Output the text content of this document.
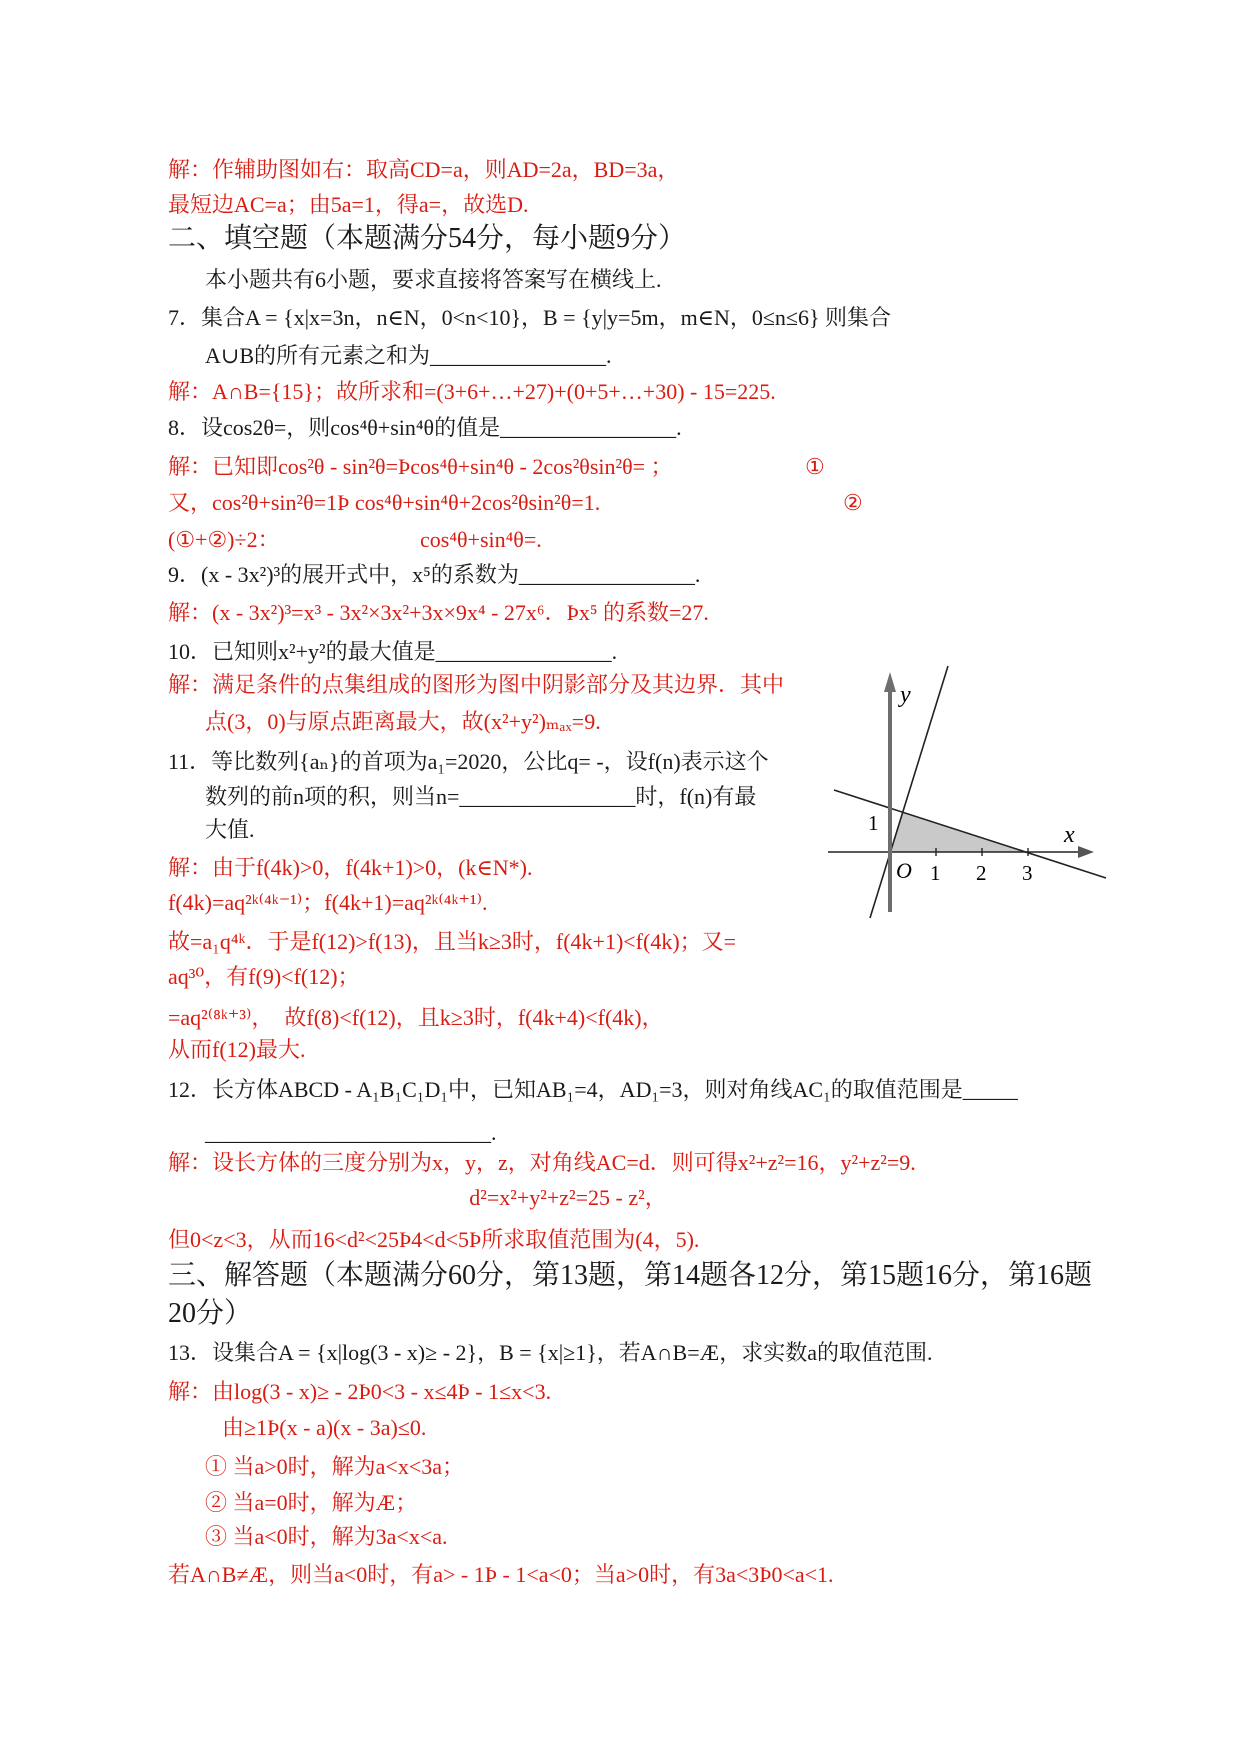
解：作辅助图如右：取高CD=a，则AD=2a，BD=3a，
最短边AC=a；由5a=1，得a=，故选D.
二、填空题（本题满分54分，每小题9分）
本小题共有6小题，要求直接将答案写在横线上.
7．集合A = {x|x=3n，n∈N，0<n<10}，B = {y|y=5m，m∈N，0≤n≤6} 则集合
A∪B的所有元素之和为________________.
解：A∩B={15}；故所求和=(3+6+…+27)+(0+5+…+30) - 15=225.
8．设cos2θ=，则cos⁴θ+sin⁴θ的值是________________.
解：已知即cos²θ - sin²θ=Þcos⁴θ+sin⁴θ - 2cos²θsin²θ= ；	①
又，cos²θ+sin²θ=1Þ cos⁴θ+sin⁴θ+2cos²θsin²θ=1.	②
(①+②)÷2：	cos⁴θ+sin⁴θ=.
9．(x - 3x²)³的展开式中，x⁵的系数为________________.
解：(x - 3x²)³=x³ - 3x²×3x²+3x×9x⁴ - 27x⁶．Þx⁵ 的系数=27.
10．已知则x²+y²的最大值是________________.
解：满足条件的点集组成的图形为图中阴影部分及其边界．其中
点(3，0)与原点距离最大，故(x²+y²)ₘₐₓ=9.
11．等比数列{aₙ}的首项为a₁=2020，公比q= -，设f(n)表示这个
数列的前n项的积，则当n=________________时，f(n)有最
大值.
解：由于f(4k)>0，f(4k+1)>0，(k∈N*).
f(4k)=aq²ᵏ⁽⁴ᵏ⁻¹⁾；f(4k+1)=aq²ᵏ⁽⁴ᵏ⁺¹⁾.
故=a₁q⁴ᵏ．于是f(12)>f(13)，且当k≥3时，f(4k+1)<f(4k)；又=
aq³⁰，有f(9)<f(12)；
=aq²⁽⁸ᵏ⁺³⁾，  故f(8)<f(12)，且k≥3时，f(4k+4)<f(4k)，
从而f(12)最大.
y
x
O
1
1 2 3
12．长方体ABCD - A₁B₁C₁D₁中，已知AB₁=4，AD₁=3，则对角线AC₁的取值范围是_____
__________________________.
解：设长方体的三度分别为x，y，z，对角线AC=d．则可得x²+z²=16，y²+z²=9.
d²=x²+y²+z²=25 - z²，
但0<z<3，从而16<d²<25Þ4<d<5Þ所求取值范围为(4，5).
三、解答题（本题满分60分，第13题，第14题各12分，第15题16分，第16题
20分）
13．设集合A = {x|log(3 - x)≥ - 2}，B = {x|≥1}，若A∩B=Æ，求实数a的取值范围.
解：由log(3 - x)≥ - 2Þ0<3 - x≤4Þ - 1≤x<3.
由≥1Þ(x - a)(x - 3a)≤0.
① 当a>0时，解为a<x<3a；
② 当a=0时，解为Æ；
③ 当a<0时，解为3a<x<a.
若A∩B≠Æ，则当a<0时，有a> - 1Þ - 1<a<0；当a>0时，有3a<3Þ0<a<1.
